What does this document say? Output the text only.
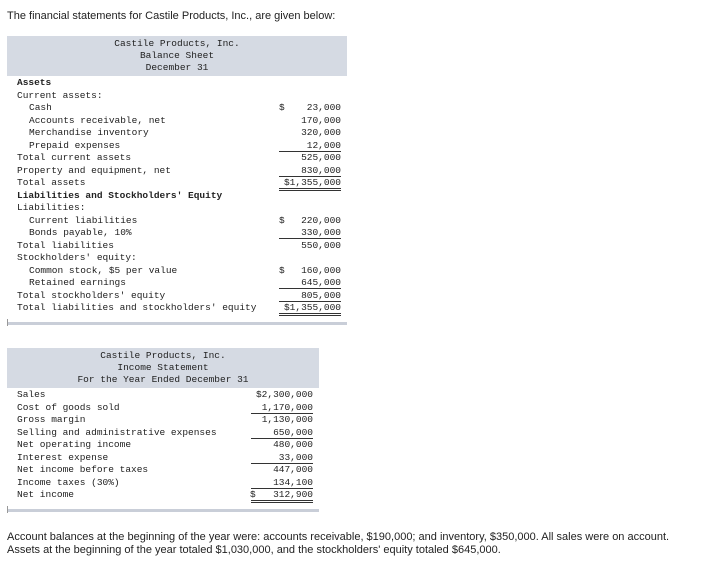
The financial statements for Castile Products, Inc., are given below:
Castile Products, Inc.
Balance Sheet
December 31
Assets
Current assets:
Cash	$	23,000
Accounts receivable, net	170,000
Merchandise inventory	320,000
Prepaid expenses	12,000
Total current assets	525,000
Property and equipment, net	830,000
Total assets	$1,355,000
Liabilities and Stockholders' Equity
Liabilities:
Current liabilities	$	220,000
Bonds payable, 10%	330,000
Total liabilities	550,000
Stockholders' equity:
Common stock, $5 per value	$	160,000
Retained earnings	645,000
Total stockholders' equity	805,000
Total liabilities and stockholders' equity	$1,355,000
Castile Products, Inc.
Income Statement
For the Year Ended December 31
Sales	$2,300,000
Cost of goods sold	1,170,000
Gross margin	1,130,000
Selling and administrative expenses	650,000
Net operating income	480,000
Interest expense	33,000
Net income before taxes	447,000
Income taxes (30%)	134,100
Net income	$	312,900
Account balances at the beginning of the year were: accounts receivable, $190,000; and inventory, $350,000. All sales were on account. Assets at the beginning of the year totaled $1,030,000, and the stockholders' equity totaled $645,000.
